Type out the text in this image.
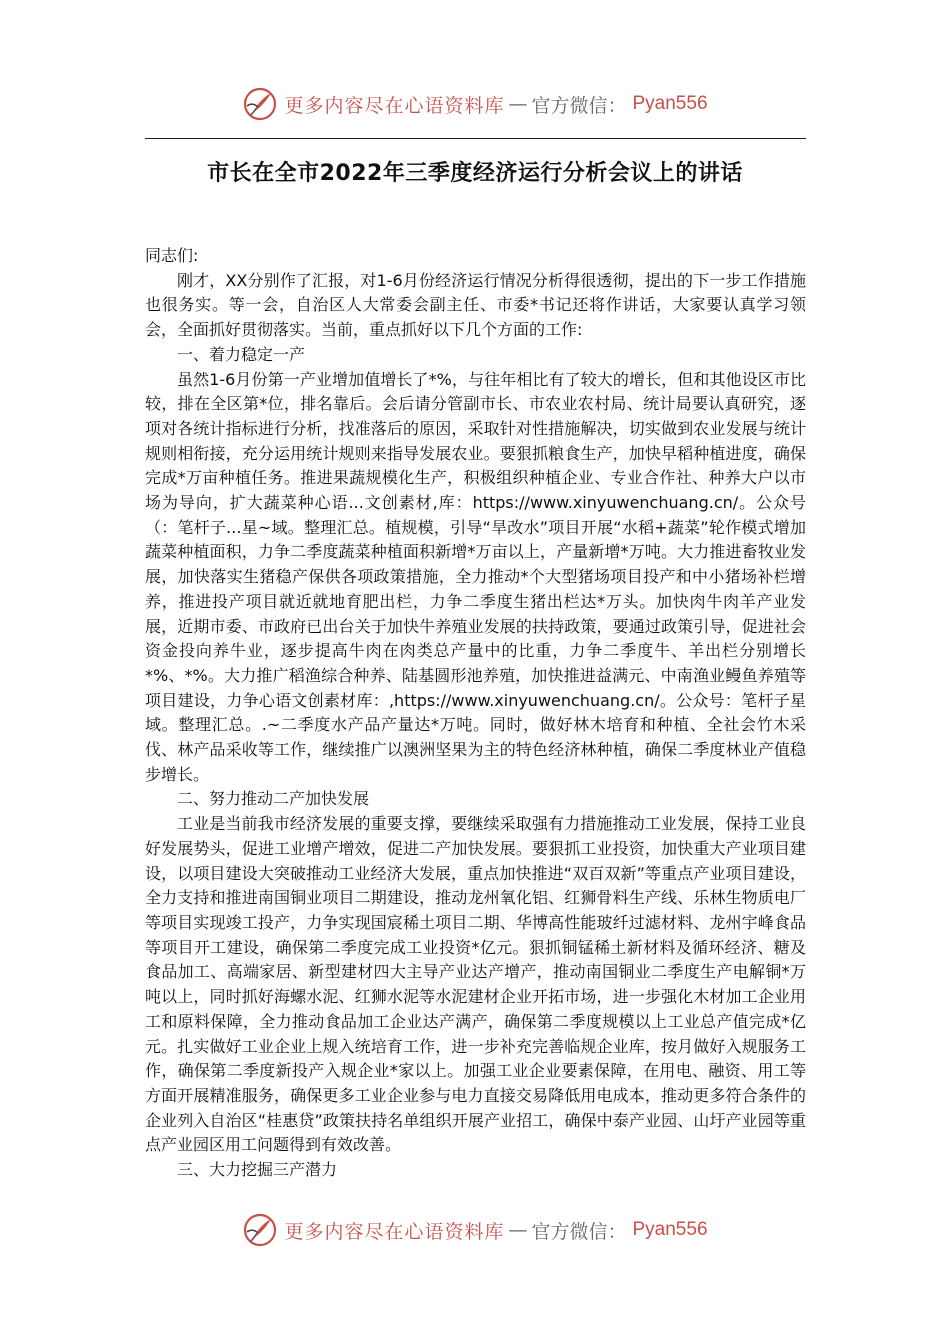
更多内容尽在心语资料库 — 官方微信： Pyan556
市长在全市2022年三季度经济运行分析会议上的讲话

同志们:

刚才，XX分别作了汇报，对1-6月份经济运行情况分析得很透彻，提出的下一步工作措施也很务实。等一会，自治区人大常委会副主任、市委*书记还将作讲话，大家要认真学习领会，全面抓好贯彻落实。当前，重点抓好以下几个方面的工作:

一、着力稳定一产

虽然1-6月份第一产业增加值增长了*%，与往年相比有了较大的增长，但和其他设区市比较，排在全区第*位，排名靠后。会后请分管副市长、市农业农村局、统计局要认真研究，逐项对各统计指标进行分析，找准落后的原因，采取针对性措施解决，切实做到农业发展与统计规则相衔接，充分运用统计规则来指导发展农业。要狠抓粮食生产，加快早稻种植进度，确保完成*万亩种植任务。推进果蔬规模化生产，积极组织种植企业、专业合作社、种养大户以市场为导向，扩大蔬菜种心语...文创素材,库：https://www.xinyuwenchuang.cn/。公众号（：笔杆子...星~域。整理汇总。植规模，引导“旱改水”项目开展“水稻+蔬菜”轮作模式增加蔬菜种植面积，力争二季度蔬菜种植面积新增*万亩以上，产量新增*万吨。大力推进畜牧业发展，加快落实生猪稳产保供各项政策措施，全力推动*个大型猪场项目投产和中小猪场补栏增养，推进投产项目就近就地育肥出栏，力争二季度生猪出栏达*万头。加快肉牛肉羊产业发展，近期市委、市政府已出台关于加快牛养殖业发展的扶持政策，要通过政策引导，促进社会资金投向养牛业，逐步提高牛肉在肉类总产量中的比重，力争二季度牛、羊出栏分别增长*%、*%。大力推广稻渔综合种养、陆基圆形池养殖，加快推进益满元、中南渔业鳗鱼养殖等项目建设，力争心语文创素材库：,https://www.xinyuwenchuang.cn/。公众号：笔杆子星域。整理汇总。.~二季度水产品产量达*万吨。同时，做好林木培育和种植、全社会竹木采伐、林产品采收等工作，继续推广以澳洲坚果为主的特色经济林种植，确保二季度林业产值稳步增长。

二、努力推动二产加快发展

工业是当前我市经济发展的重要支撑，要继续采取强有力措施推动工业发展，保持工业良好发展势头，促进工业增产增效，促进二产加快发展。要狠抓工业投资，加快重大产业项目建设，以项目建设大突破推动工业经济大发展，重点加快推进“双百双新”等重点产业项目建设，全力支持和推进南国铜业项目二期建设，推动龙州氧化铝、红狮骨料生产线、乐林生物质电厂等项目实现竣工投产，力争实现国宸稀土项目二期、华博高性能玻纤过滤材料、龙州宇峰食品等项目开工建设，确保第二季度完成工业投资*亿元。狠抓铜锰稀土新材料及循环经济、糖及食品加工、高端家居、新型建材四大主导产业达产增产，推动南国铜业二季度生产电解铜*万吨以上，同时抓好海螺水泥、红狮水泥等水泥建材企业开拓市场，进一步强化木材加工企业用工和原料保障，全力推动食品加工企业达产满产，确保第二季度规模以上工业总产值完成*亿元。扎实做好工业企业上规入统培育工作，进一步补充完善临规企业库，按月做好入规服务工作，确保第二季度新投产入规企业*家以上。加强工业企业要素保障，在用电、融资、用工等方面开展精准服务，确保更多工业企业参与电力直接交易降低用电成本，推动更多符合条件的企业列入自治区“桂惠贷”政策扶持名单组织开展产业招工，确保中泰产业园、山圩产业园等重点产业园区用工问题得到有效改善。

三、大力挖掘三产潜力

更多内容尽在心语资料库 — 官方微信： Pyan556
